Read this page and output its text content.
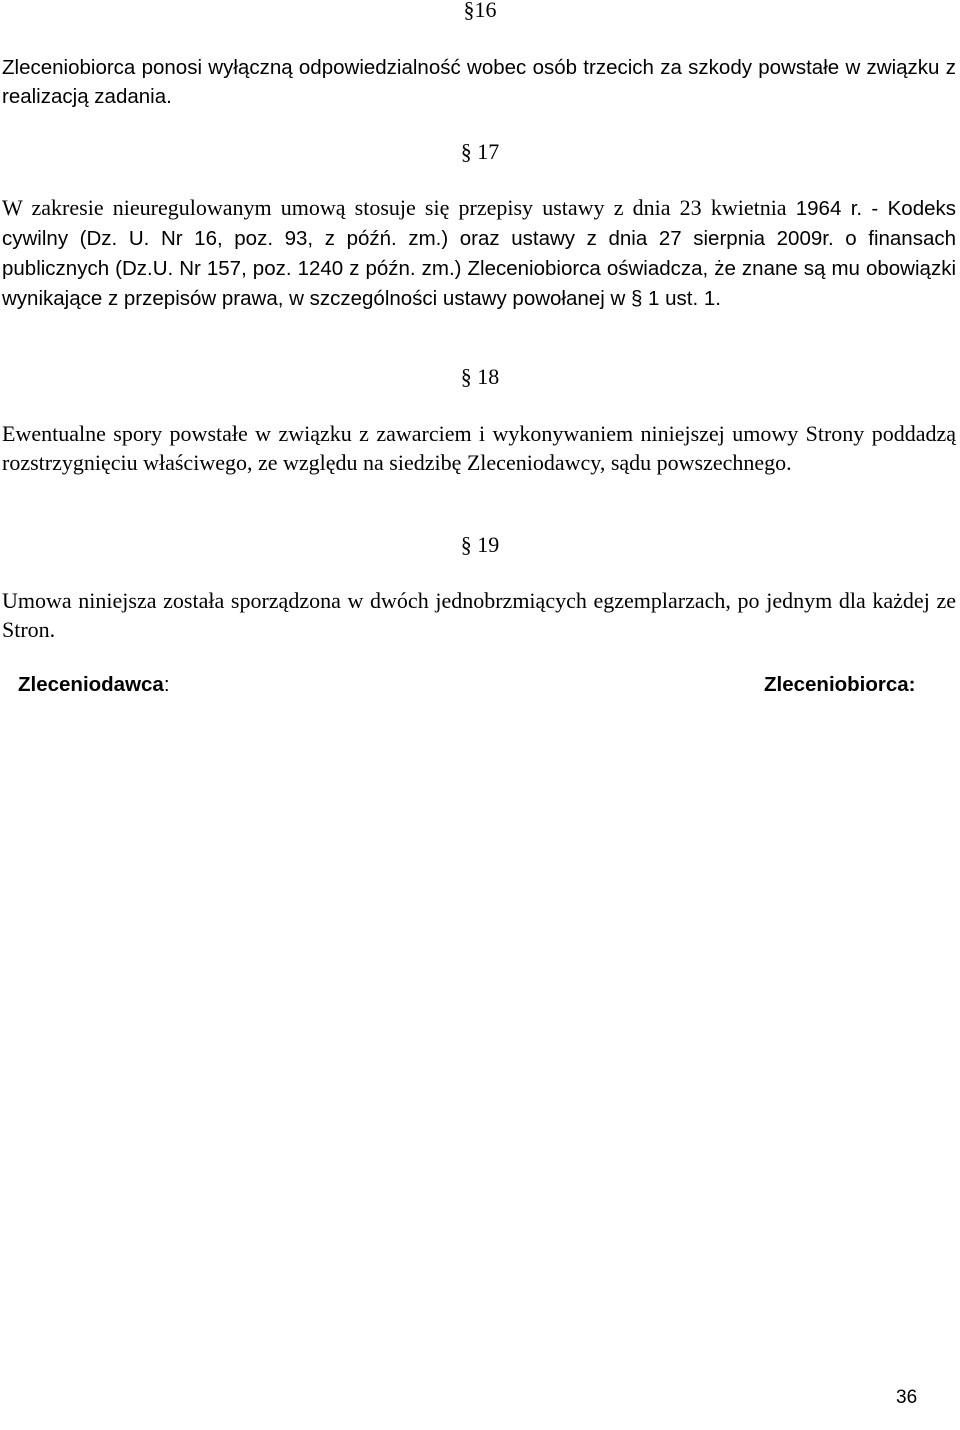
§16

Zleceniobiorca ponosi wyłączną odpowiedzialność wobec osób trzecich za szkody powstałe w związku z realizacją zadania.

§ 17

W zakresie nieuregulowanym umową stosuje się przepisy ustawy z dnia 23 kwietnia 1964 r. - Kodeks cywilny (Dz. U. Nr 16, poz. 93, z późń. zm.) oraz ustawy z dnia 27 sierpnia 2009r. o finansach publicznych (Dz.U. Nr 157, poz. 1240 z późn. zm.) Zleceniobiorca oświadcza, że znane są mu obowiązki wynikające z przepisów prawa, w szczególności ustawy powołanej w § 1 ust. 1.

§ 18

Ewentualne spory powstałe w związku z zawarciem i wykonywaniem niniejszej umowy Strony poddadzą rozstrzygnięciu właściwego, ze względu na siedzibę Zleceniodawcy, sądu powszechnego.

§ 19

Umowa niniejsza została sporządzona w dwóch jednobrzmiących egzemplarzach, po jednym dla każdej ze Stron.

Zleceniodawca:	Zleceniobiorca:

36
